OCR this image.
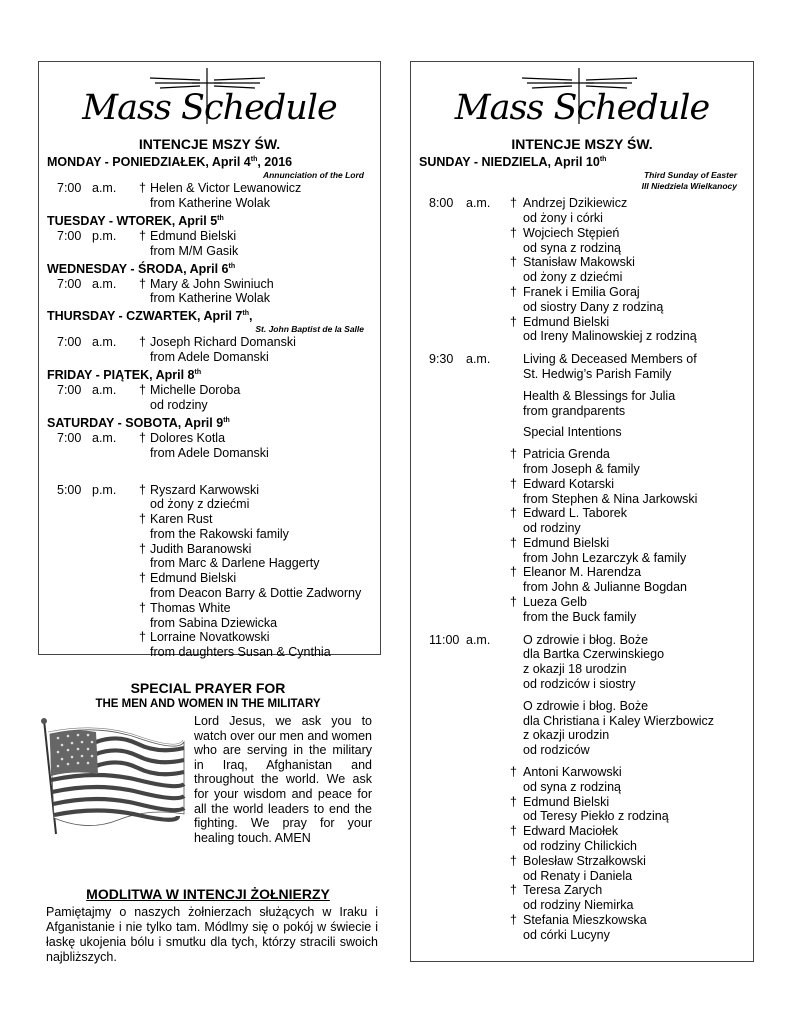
Mass Schedule
INTENCJE MSZY ŚW.
MONDAY - PONIEDZIAŁEK, April 4th, 2016
Annunciation of the Lord
7:00 a.m. † Helen & Victor Lewanowicz
from Katherine Wolak
TUESDAY - WTOREK, April 5th
7:00 p.m. † Edmund Bielski
from M/M Gasik
WEDNESDAY - ŚRODA, April 6th
7:00 a.m. † Mary & John Swiniuch
from Katherine Wolak
THURSDAY - CZWARTEK, April 7th,
St. John Baptist de la Salle
7:00 a.m. † Joseph Richard Domanski
from Adele Domanski
FRIDAY - PIĄTEK, April 8th
7:00 a.m. † Michelle Doroba
od rodziny
SATURDAY - SOBOTA, April 9th
7:00 a.m. † Dolores Kotla
from Adele Domanski
5:00 p.m. † Ryszard Karwowski
od żony z dziećmi
† Karen Rust
from the Rakowski family
† Judith Baranowski
from Marc & Darlene Haggerty
† Edmund Bielski
from Deacon Barry & Dottie Zadworny
† Thomas White
from Sabina Dziewicka
† Lorraine Novatkowski
from daughters Susan & Cynthia
Mass Schedule
INTENCJE MSZY ŚW.
SUNDAY - NIEDZIELA, April 10th
Third Sunday of Easter
III Niedziela Wielkanocy
8:00 a.m. † Andrzej Dzikiewicz
od żony i córki
† Wojciech Stępień
od syna z rodziną
† Stanisław Makowski
od żony z dziećmi
† Franek i Emilia Goraj
od siostry Dany z rodziną
† Edmund Bielski
od Ireny Malinowskiej z rodziną
9:30 a.m.	Living & Deceased Members of
St. Hedwig’s Parish Family
Health & Blessings for Julia
from grandparents
Special Intentions
† Patricia Grenda
from Joseph & family
† Edward Kotarski
from Stephen & Nina Jarkowski
† Edward L. Taborek
od rodziny
† Edmund Bielski
from John Lezarczyk & family
† Eleanor M. Harendza
from John & Julianne Bogdan
† Lueza Gelb
from the Buck family
11:00 a.m.	O zdrowie i błog. Boże
dla Bartka Czerwinskiego
z okazji 18 urodzin
od rodziców i siostry
O zdrowie i błog. Boże
dla Christiana i Kaley Wierzbowicz
z okazji urodzin
od rodziców
† Antoni Karwowski
od syna z rodziną
† Edmund Bielski
od Teresy Piekło z rodziną
† Edward Maciołek
od rodziny Chilickich
† Bolesław Strzałkowski
od Renaty i Daniela
† Teresa Zarych
od rodziny Niemirka
† Stefania Mieszkowska
od córki Lucyny
SPECIAL PRAYER FOR
THE MEN AND WOMEN IN THE MILITARY
Lord Jesus, we ask you to watch over our men and women who are serving in the military in Iraq, Afghanistan and throughout the world. We ask for your wisdom and peace for all the world leaders to end the fighting. We pray for your healing touch. AMEN
MODLITWA W INTENCJI ŻOŁNIERZY

Pamiętajmy o naszych żołnierzach służących w Iraku i Afganistanie i nie tylko tam. Módlmy się o pokój w świecie i łaskę ukojenia bólu i smutku dla tych, którzy stracili swoich najbliższych.
